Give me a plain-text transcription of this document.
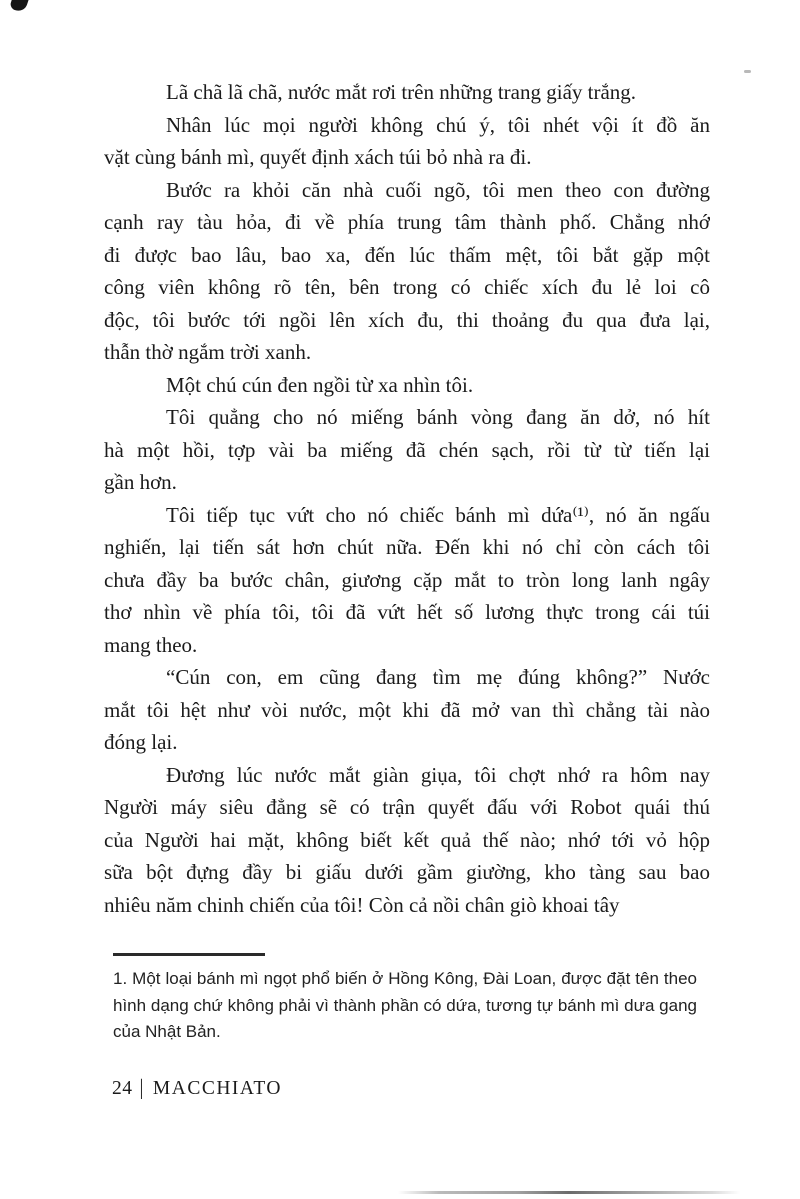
Lã chã lã chã, nước mắt rơi trên những trang giấy trắng.
Nhân lúc mọi người không chú ý, tôi nhét vội ít đồ ăn
vặt cùng bánh mì, quyết định xách túi bỏ nhà ra đi.
Bước ra khỏi căn nhà cuối ngõ, tôi men theo con đường
cạnh ray tàu hỏa, đi về phía trung tâm thành phố. Chẳng nhớ
đi được bao lâu, bao xa, đến lúc thấm mệt, tôi bắt gặp một
công viên không rõ tên, bên trong có chiếc xích đu lẻ loi cô
độc, tôi bước tới ngồi lên xích đu, thi thoảng đu qua đưa lại,
thẫn thờ ngắm trời xanh.
Một chú cún đen ngồi từ xa nhìn tôi.
Tôi quẳng cho nó miếng bánh vòng đang ăn dở, nó hít
hà một hồi, tợp vài ba miếng đã chén sạch, rồi từ từ tiến lại
gần hơn.
Tôi tiếp tục vứt cho nó chiếc bánh mì dứa⁽¹⁾, nó ăn ngấu
nghiến, lại tiến sát hơn chút nữa. Đến khi nó chỉ còn cách tôi
chưa đầy ba bước chân, giương cặp mắt to tròn long lanh ngây
thơ nhìn về phía tôi, tôi đã vứt hết số lương thực trong cái túi
mang theo.
“Cún con, em cũng đang tìm mẹ đúng không?” Nước
mắt tôi hệt như vòi nước, một khi đã mở van thì chẳng tài nào
đóng lại.
Đương lúc nước mắt giàn giụa, tôi chợt nhớ ra hôm nay
Người máy siêu đẳng sẽ có trận quyết đấu với Robot quái thú
của Người hai mặt, không biết kết quả thế nào; nhớ tới vỏ hộp
sữa bột đựng đầy bi giấu dưới gầm giường, kho tàng sau bao
nhiêu năm chinh chiến của tôi! Còn cả nồi chân giò khoai tây
1. Một loại bánh mì ngọt phổ biến ở Hồng Kông, Đài Loan, được đặt tên theo
hình dạng chứ không phải vì thành phần có dứa, tương tự bánh mì dưa gang
của Nhật Bản.
24 | MACCHIATO
